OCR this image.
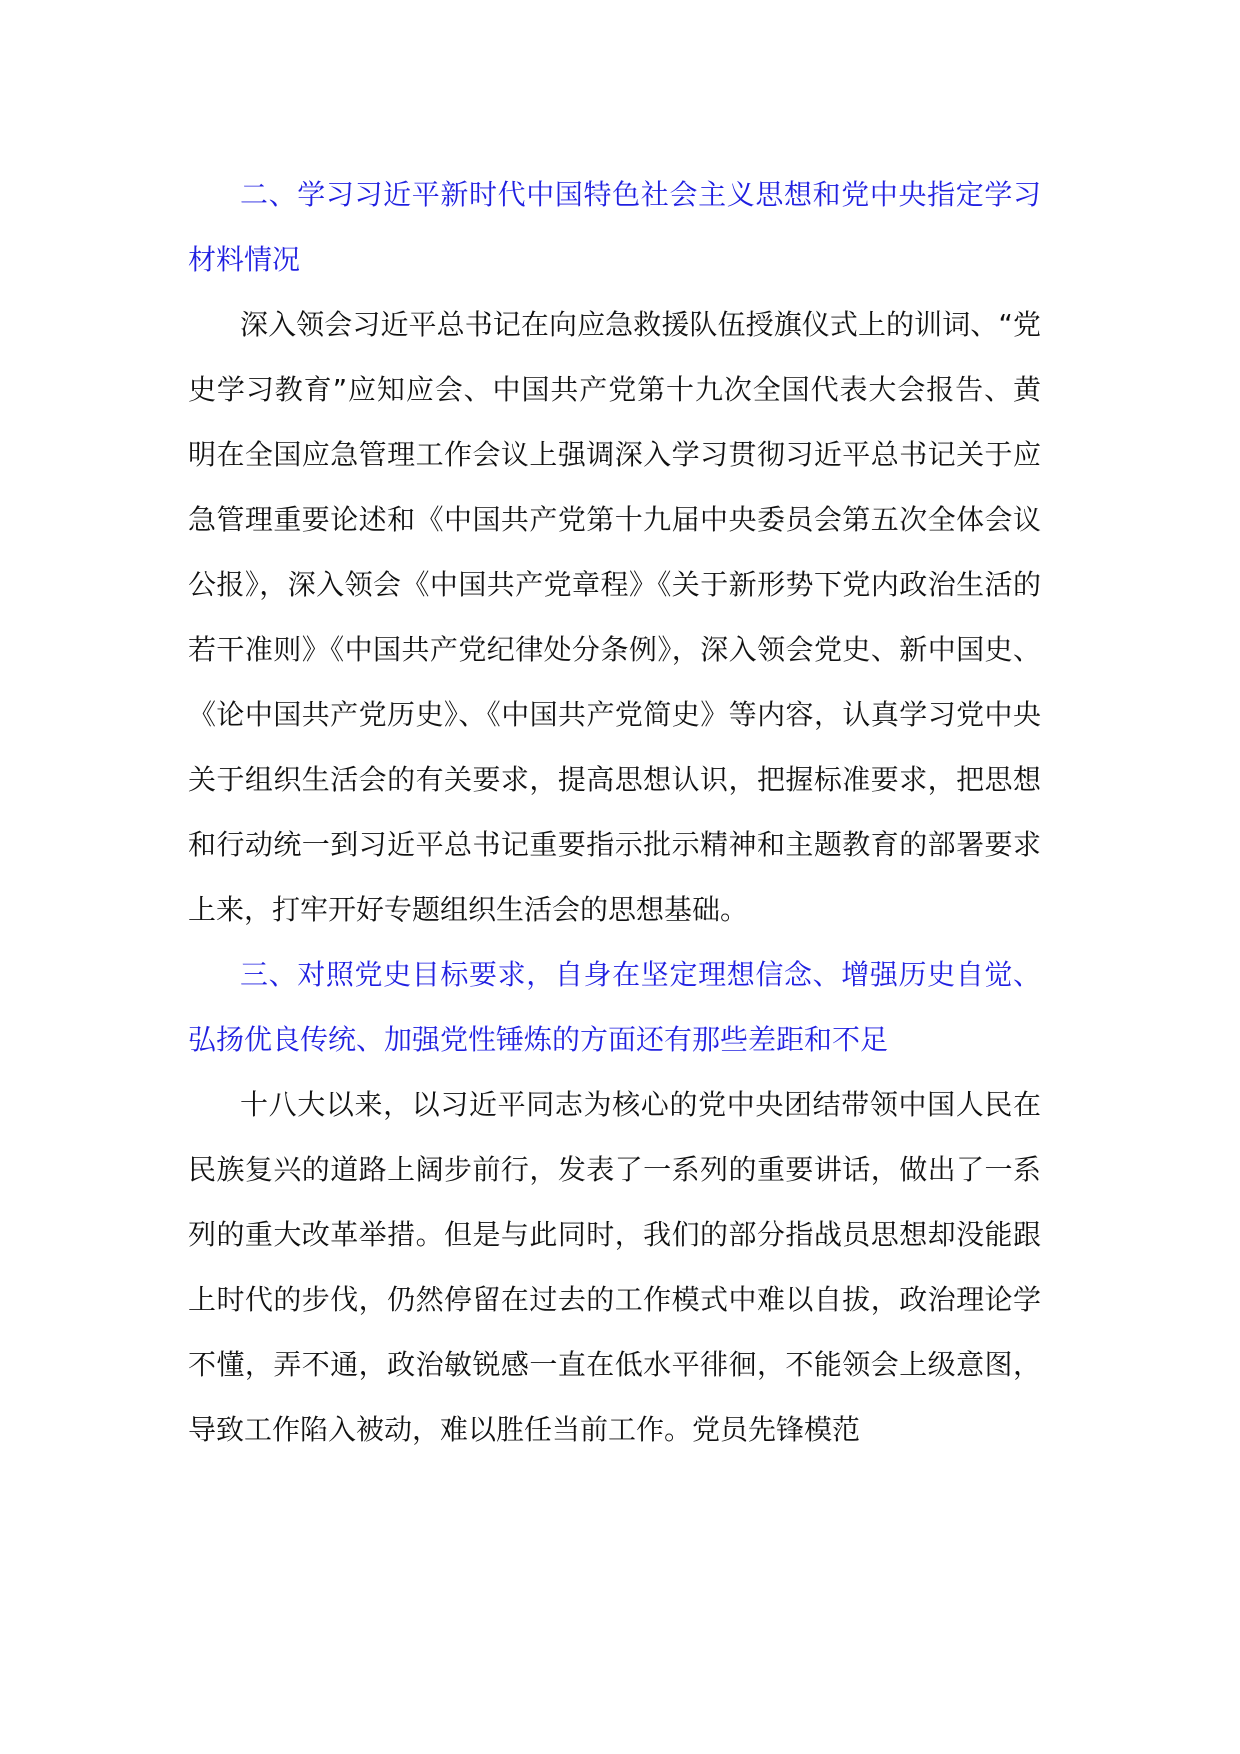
二、学习习近平新时代中国特色社会主义思想和党中央指定学习材料情况

深入领会习近平总书记在向应急救援队伍授旗仪式上的训词、“党史学习教育”应知应会、中国共产党第十九次全国代表大会报告、黄明在全国应急管理工作会议上强调深入学习贯彻习近平总书记关于应急管理重要论述和《中国共产党第十九届中央委员会第五次全体会议公报》，深入领会《中国共产党章程》《关于新形势下党内政治生活的若干准则》《中国共产党纪律处分条例》，深入领会党史、新中国史、《论中国共产党历史》、《中国共产党简史》等内容，认真学习党中央关于组织生活会的有关要求，提高思想认识，把握标准要求，把思想和行动统一到习近平总书记重要指示批示精神和主题教育的部署要求上来，打牢开好专题组织生活会的思想基础。

三、对照党史目标要求，自身在坚定理想信念、增强历史自觉、弘扬优良传统、加强党性锤炼的方面还有那些差距和不足

十八大以来，以习近平同志为核心的党中央团结带领中国人民在民族复兴的道路上阔步前行，发表了一系列的重要讲话，做出了一系列的重大改革举措。但是与此同时，我们的部分指战员思想却没能跟上时代的步伐，仍然停留在过去的工作模式中难以自拔，政治理论学不懂，弄不通，政治敏锐感一直在低水平徘徊，不能领会上级意图，导致工作陷入被动，难以胜任当前工作。党员先锋模范
